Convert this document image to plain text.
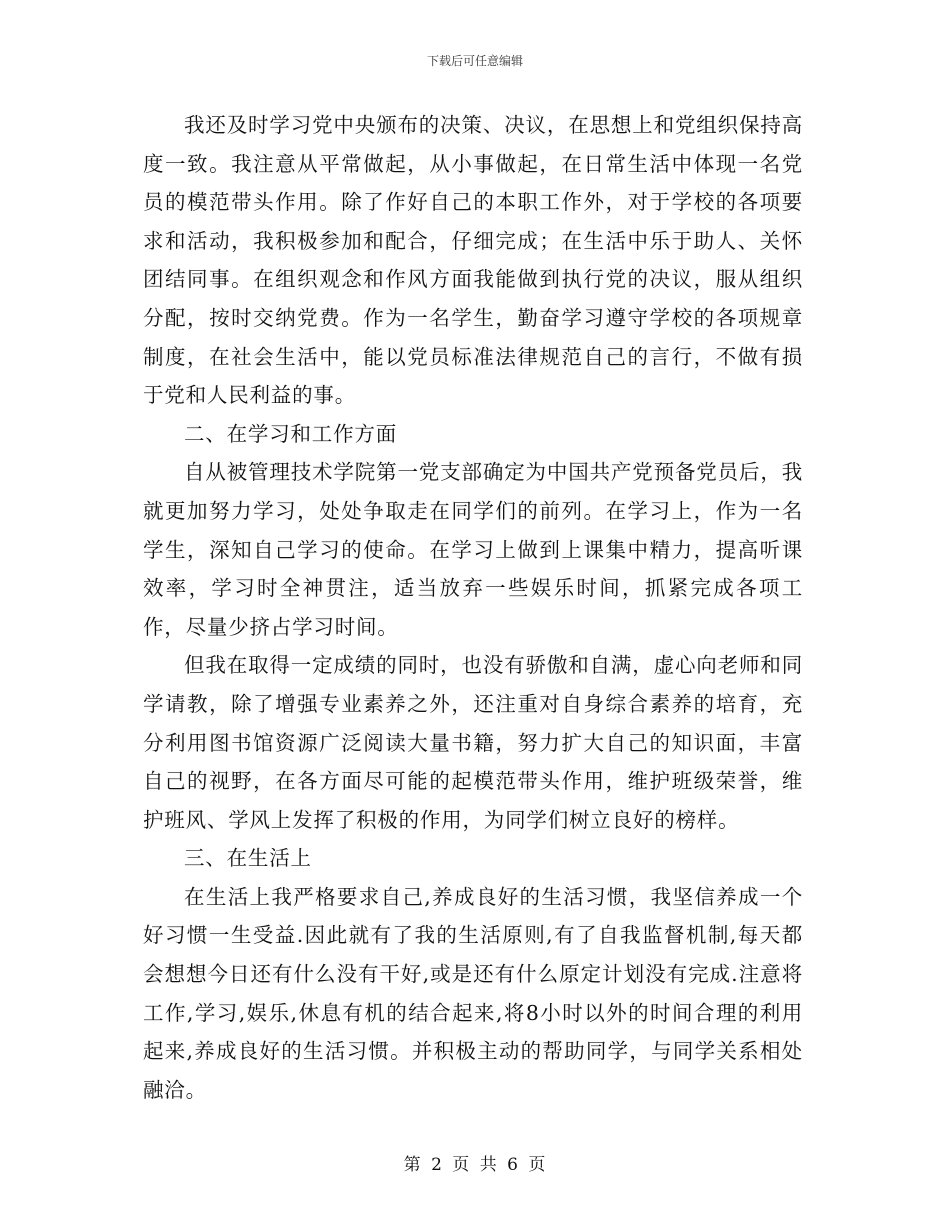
下载后可任意编辑

我还及时学习党中央颁布的决策、决议，在思想上和党组织保持高度一致。我注意从平常做起，从小事做起，在日常生活中体现一名党员的模范带头作用。除了作好自己的本职工作外，对于学校的各项要求和活动，我积极参加和配合，仔细完成；在生活中乐于助人、关怀团结同事。在组织观念和作风方面我能做到执行党的决议，服从组织分配，按时交纳党费。作为一名学生，勤奋学习遵守学校的各项规章制度，在社会生活中，能以党员标准法律规范自己的言行，不做有损于党和人民利益的事。

二、在学习和工作方面

自从被管理技术学院第一党支部确定为中国共产党预备党员后，我就更加努力学习，处处争取走在同学们的前列。在学习上，作为一名学生，深知自己学习的使命。在学习上做到上课集中精力，提高听课效率，学习时全神贯注，适当放弃一些娱乐时间，抓紧完成各项工作，尽量少挤占学习时间。

但我在取得一定成绩的同时，也没有骄傲和自满，虚心向老师和同学请教，除了增强专业素养之外，还注重对自身综合素养的培育，充分利用图书馆资源广泛阅读大量书籍，努力扩大自己的知识面，丰富自己的视野，在各方面尽可能的起模范带头作用，维护班级荣誉，维护班风、学风上发挥了积极的作用，为同学们树立良好的榜样。

三、在生活上

在生活上我严格要求自己,养成良好的生活习惯，我坚信养成一个好习惯一生受益.因此就有了我的生活原则,有了自我监督机制,每天都会想想今日还有什么没有干好,或是还有什么原定计划没有完成.注意将工作,学习,娱乐,休息有机的结合起来,将8小时以外的时间合理的利用起来,养成良好的生活习惯。并积极主动的帮助同学，与同学关系相处融洽。

第 2 页 共 6 页
